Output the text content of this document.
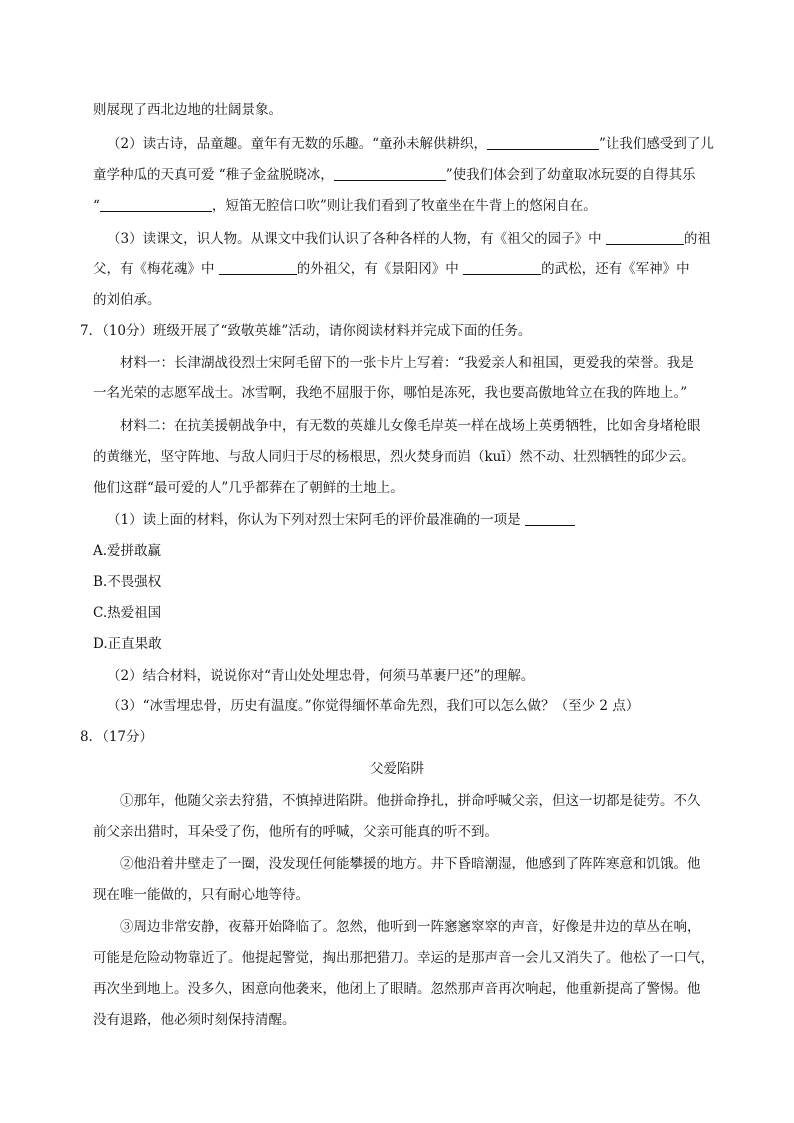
则展现了西北边地的壮阔景象。
（2）读古诗，品童趣。童年有无数的乐趣。“童孙未解供耕织，	”让我们感受到了儿
童学种瓜的天真可爱 “稚子金盆脱晓冰，	”使我们体会到了幼童取冰玩耍的自得其乐
“	，短笛无腔信口吹”则让我们看到了牧童坐在牛背上的悠闲自在。
（3）读课文，识人物。从课文中我们认识了各种各样的人物，有《祖父的园子》中	的祖
父，有《梅花魂》中	的外祖父，有《景阳冈》中	的武松，还有《军神》中
的刘伯承。
7．（10分）班级开展了“致敬英雄”活动，请你阅读材料并完成下面的任务。
材料一：长津湖战役烈士宋阿毛留下的一张卡片上写着：“我爱亲人和祖国，更爱我的荣誉。我是
一名光荣的志愿军战士。冰雪啊，我绝不屈服于你，哪怕是冻死，我也要高傲地耸立在我的阵地上。”
材料二：在抗美援朝战争中，有无数的英雄儿女像毛岸英一样在战场上英勇牺牲，比如舍身堵枪眼
的黄继光，坚守阵地、与敌人同归于尽的杨根思，烈火焚身而岿（kuī）然不动、壮烈牺牲的邱少云。
他们这群“最可爱的人”几乎都葬在了朝鲜的土地上。
（1）读上面的材料，你认为下列对烈士宋阿毛的评价最准确的一项是
A.爱拼敢赢
B.不畏强权
C.热爱祖国
D.正直果敢
（2）结合材料，说说你对“青山处处埋忠骨，何须马革裹尸还”的理解。
（3）“冰雪埋忠骨，历史有温度。”你觉得缅怀革命先烈，我们可以怎么做？（至少 2 点）
8．（17分）
父爱陷阱
①那年，他随父亲去狩猎，不慎掉进陷阱。他拼命挣扎，拼命呼喊父亲，但这一切都是徒劳。不久
前父亲出猎时，耳朵受了伤，他所有的呼喊，父亲可能真的听不到。
②他沿着井壁走了一圈，没发现任何能攀援的地方。井下昏暗潮湿，他感到了阵阵寒意和饥饿。他
现在唯一能做的，只有耐心地等待。
③周边非常安静，夜幕开始降临了。忽然，他听到一阵窸窸窣窣的声音，好像是井边的草丛在响，
可能是危险动物靠近了。他提起警觉，掏出那把猎刀。幸运的是那声音一会儿又消失了。他松了一口气，
再次坐到地上。没多久，困意向他袭来，他闭上了眼睛。忽然那声音再次响起，他重新提高了警惕。他
没有退路，他必须时刻保持清醒。
